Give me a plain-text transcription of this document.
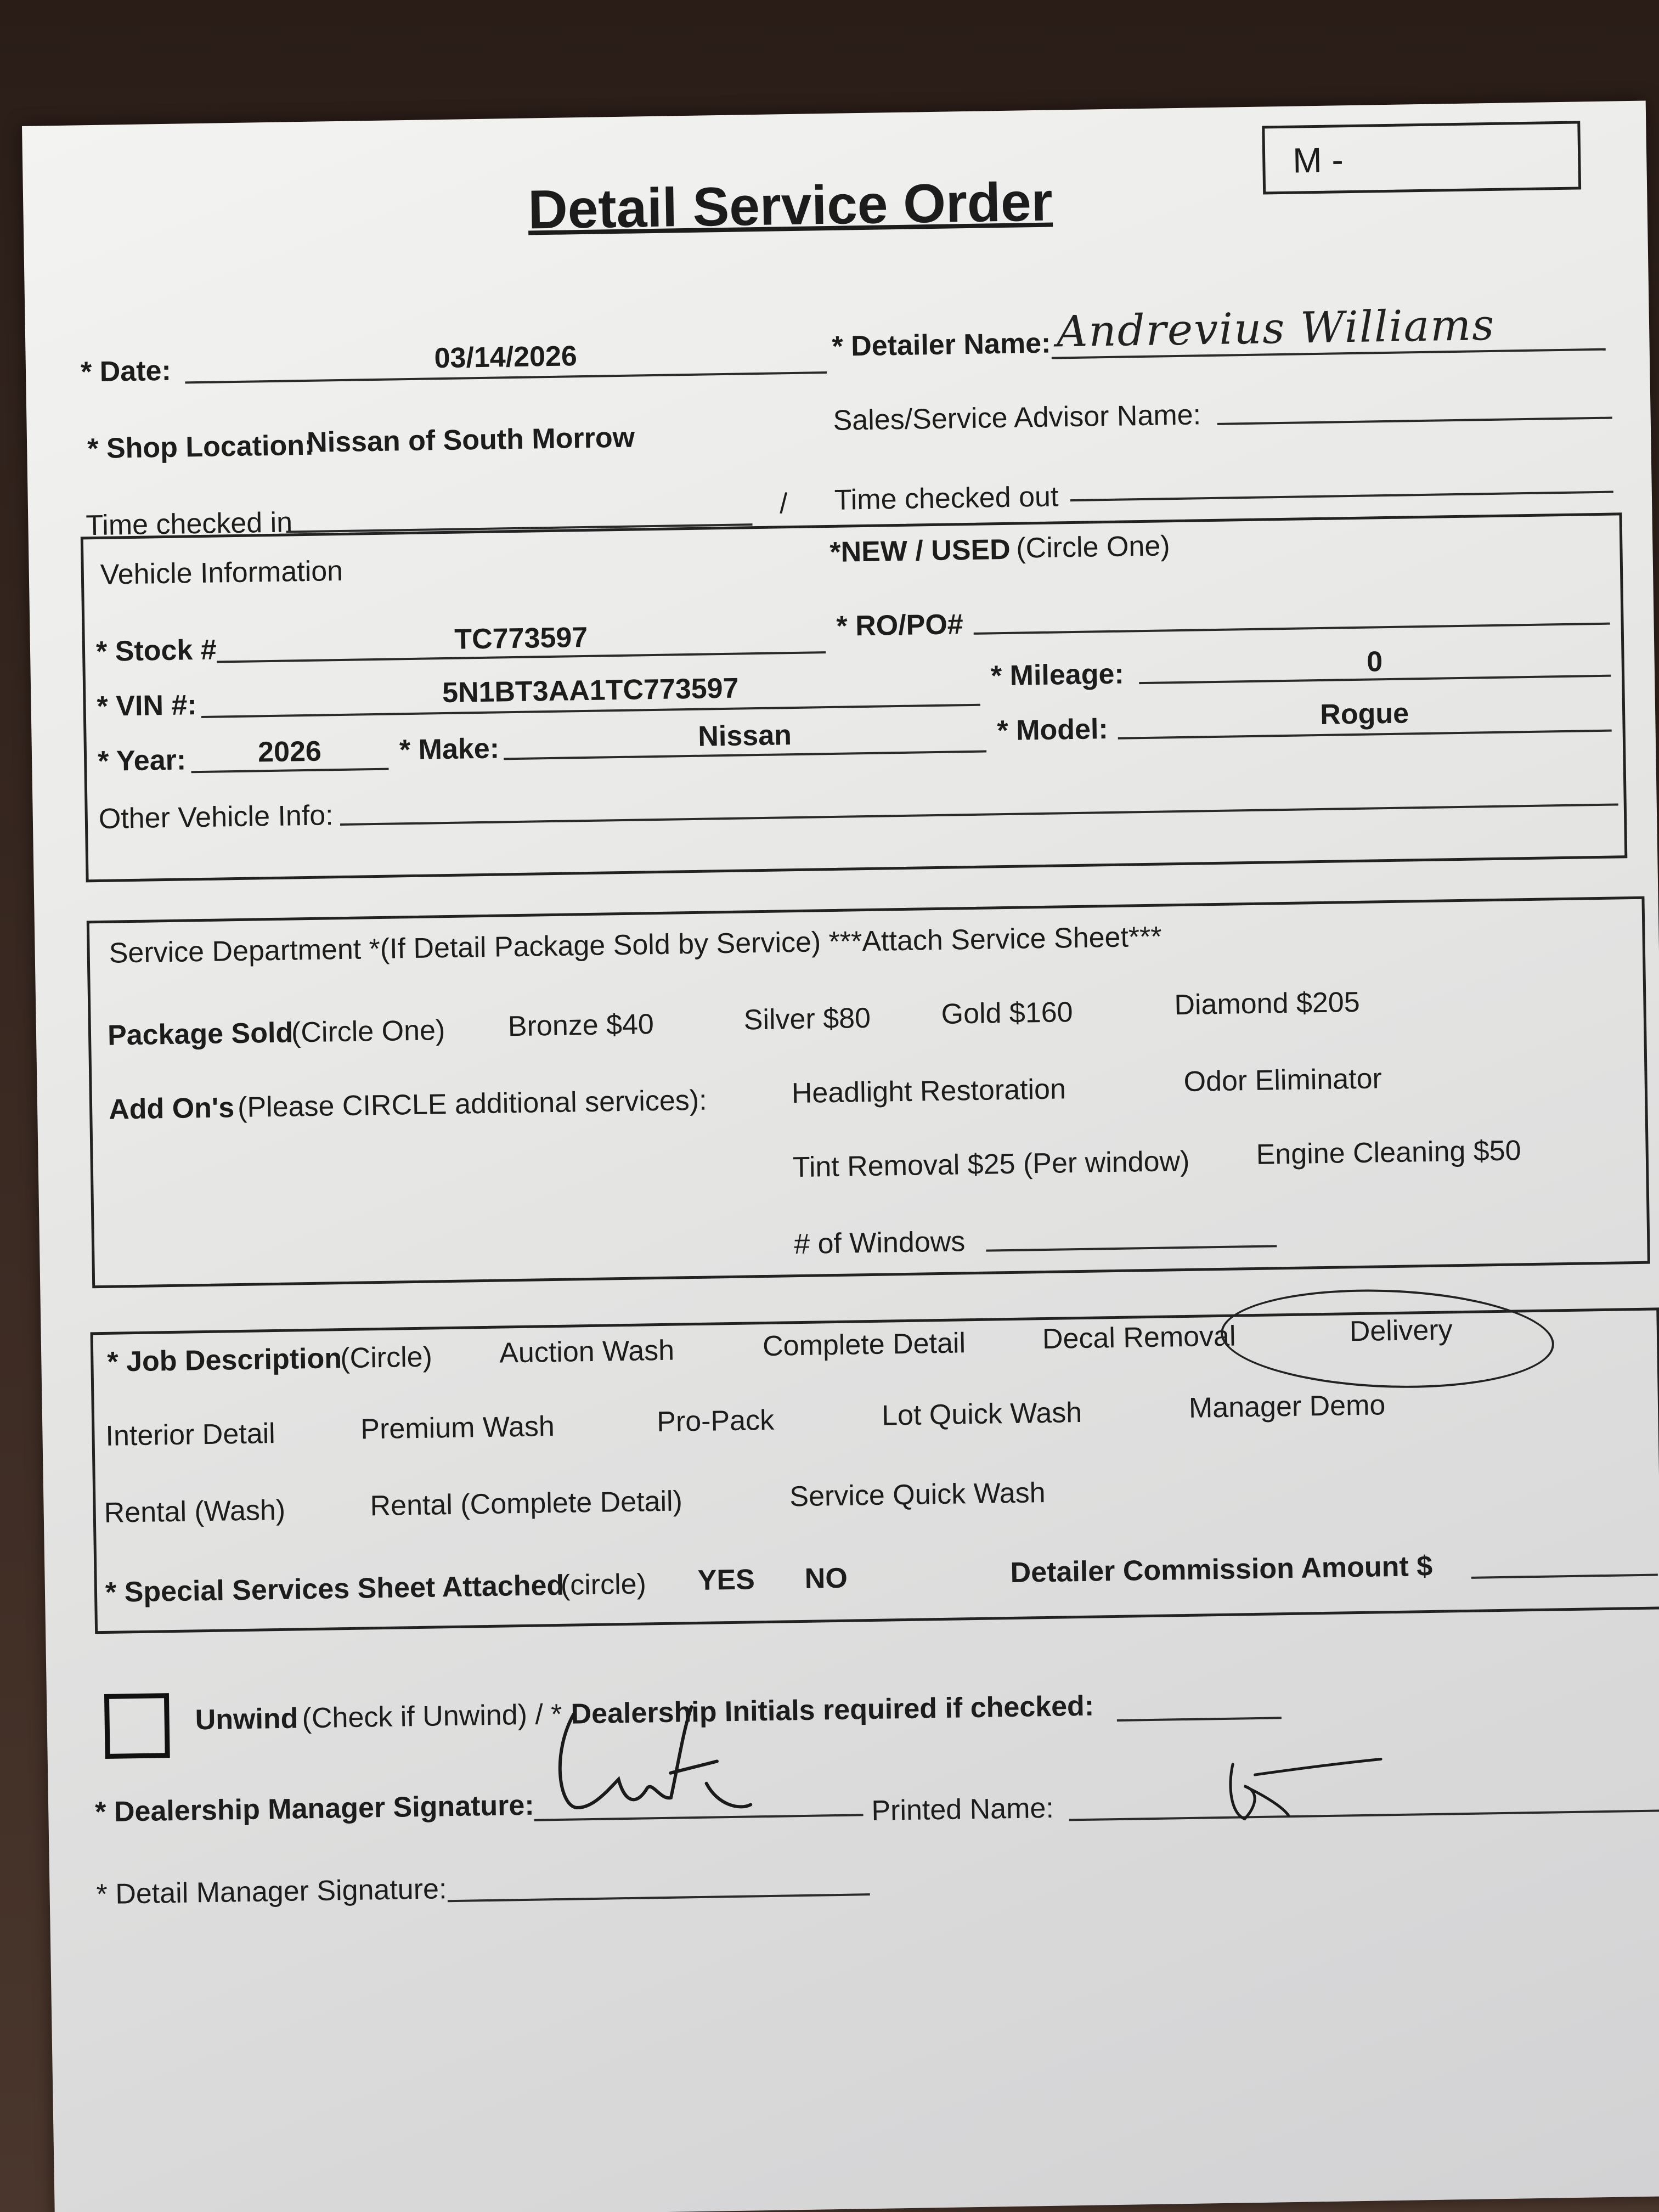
Detail Service Order
M -
* Date:	03/14/2026	* Detailer Name: Andrevius Williams
* Shop Location:
Nissan of South Morrow
Sales/Service Advisor Name:
Time checked in
/ Time checked out
Vehicle Information
*NEW / USED (Circle One)
* Stock #	TC773597	* RO/PO#
* VIN #:	5N1BT3AA1TC773597	* Mileage:	0
* Year:	2026	* Make:	Nissan	* Model:	Rogue
Other Vehicle Info:
Service Department *(If Detail Package Sold by Service) ***Attach Service Sheet***
Package Sold
(Circle One) Bronze $40	Silver $80 Gold $160	Diamond $205
Add On's (Please CIRCLE additional services):	Headlight Restoration	Odor Eliminator
Tint Removal $25 (Per window) Engine Cleaning $50
# of Windows
* Job Description
(Circle) Auction Wash	Complete Detail	Decal Removal	Delivery
Interior Detail	Premium Wash	Pro-Pack	Lot Quick Wash	Manager Demo
Rental (Wash)	Rental (Complete Detail)	Service Quick Wash
* Special Services Sheet Attached
(circle) YES NO	Detailer Commission Amount $
Unwind (Check if Unwind) / * Dealership Initials required if checked:
* Dealership Manager Signature:	Printed Name:
* Detail Manager Signature:
